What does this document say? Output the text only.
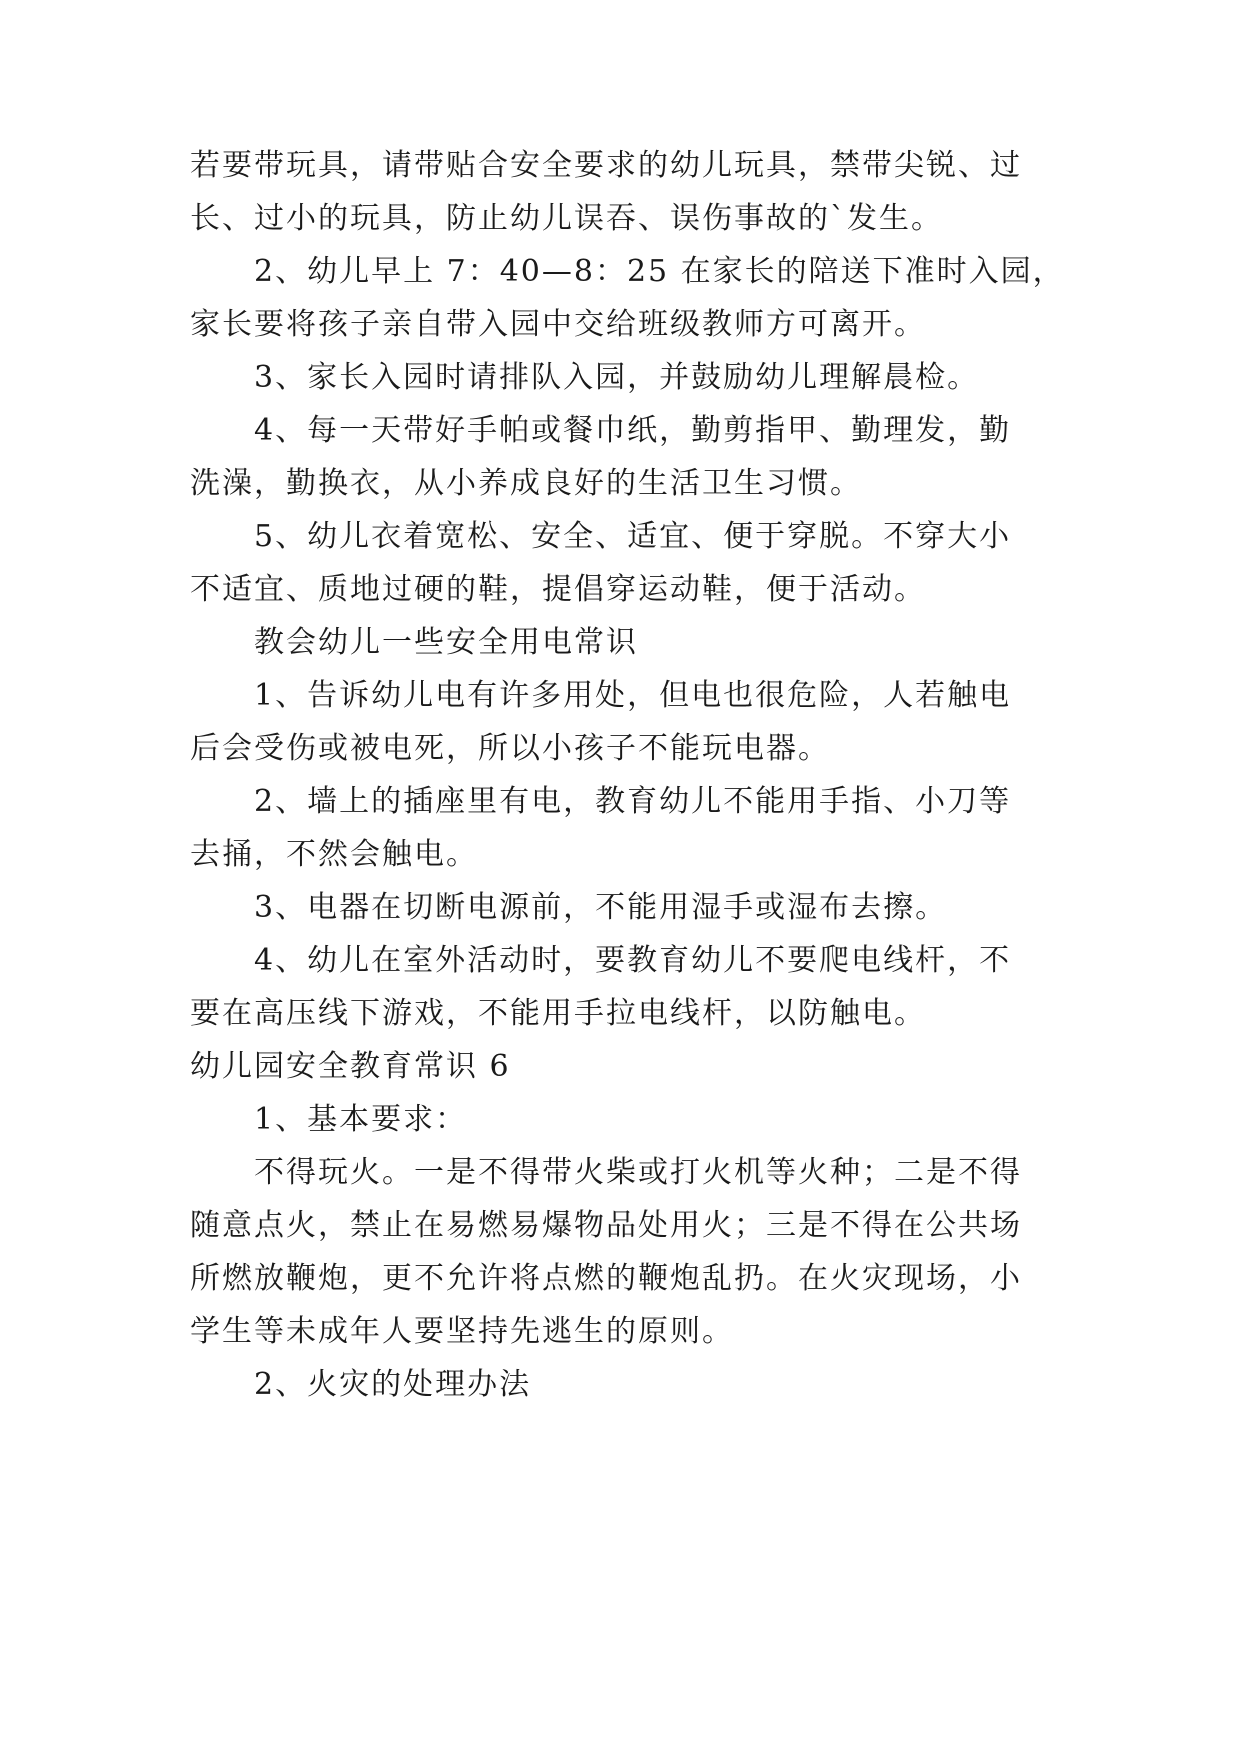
若要带玩具，请带贴合安全要求的幼儿玩具，禁带尖锐、过
长、过小的玩具，防止幼儿误吞、误伤事故的`发生。
2、幼儿早上 7：40—8：25 在家长的陪送下准时入园，
家长要将孩子亲自带入园中交给班级教师方可离开。
3、家长入园时请排队入园，并鼓励幼儿理解晨检。
4、每一天带好手帕或餐巾纸，勤剪指甲、勤理发，勤
洗澡，勤换衣，从小养成良好的生活卫生习惯。
5、幼儿衣着宽松、安全、适宜、便于穿脱。不穿大小
不适宜、质地过硬的鞋，提倡穿运动鞋，便于活动。
教会幼儿一些安全用电常识
1、告诉幼儿电有许多用处，但电也很危险，人若触电
后会受伤或被电死，所以小孩子不能玩电器。
2、墙上的插座里有电，教育幼儿不能用手指、小刀等
去捅，不然会触电。
3、电器在切断电源前，不能用湿手或湿布去擦。
4、幼儿在室外活动时，要教育幼儿不要爬电线杆，不
要在高压线下游戏，不能用手拉电线杆，以防触电。
幼儿园安全教育常识 6
1、基本要求：
不得玩火。一是不得带火柴或打火机等火种；二是不得
随意点火，禁止在易燃易爆物品处用火；三是不得在公共场
所燃放鞭炮，更不允许将点燃的鞭炮乱扔。在火灾现场，小
学生等未成年人要坚持先逃生的原则。
2、火灾的处理办法
